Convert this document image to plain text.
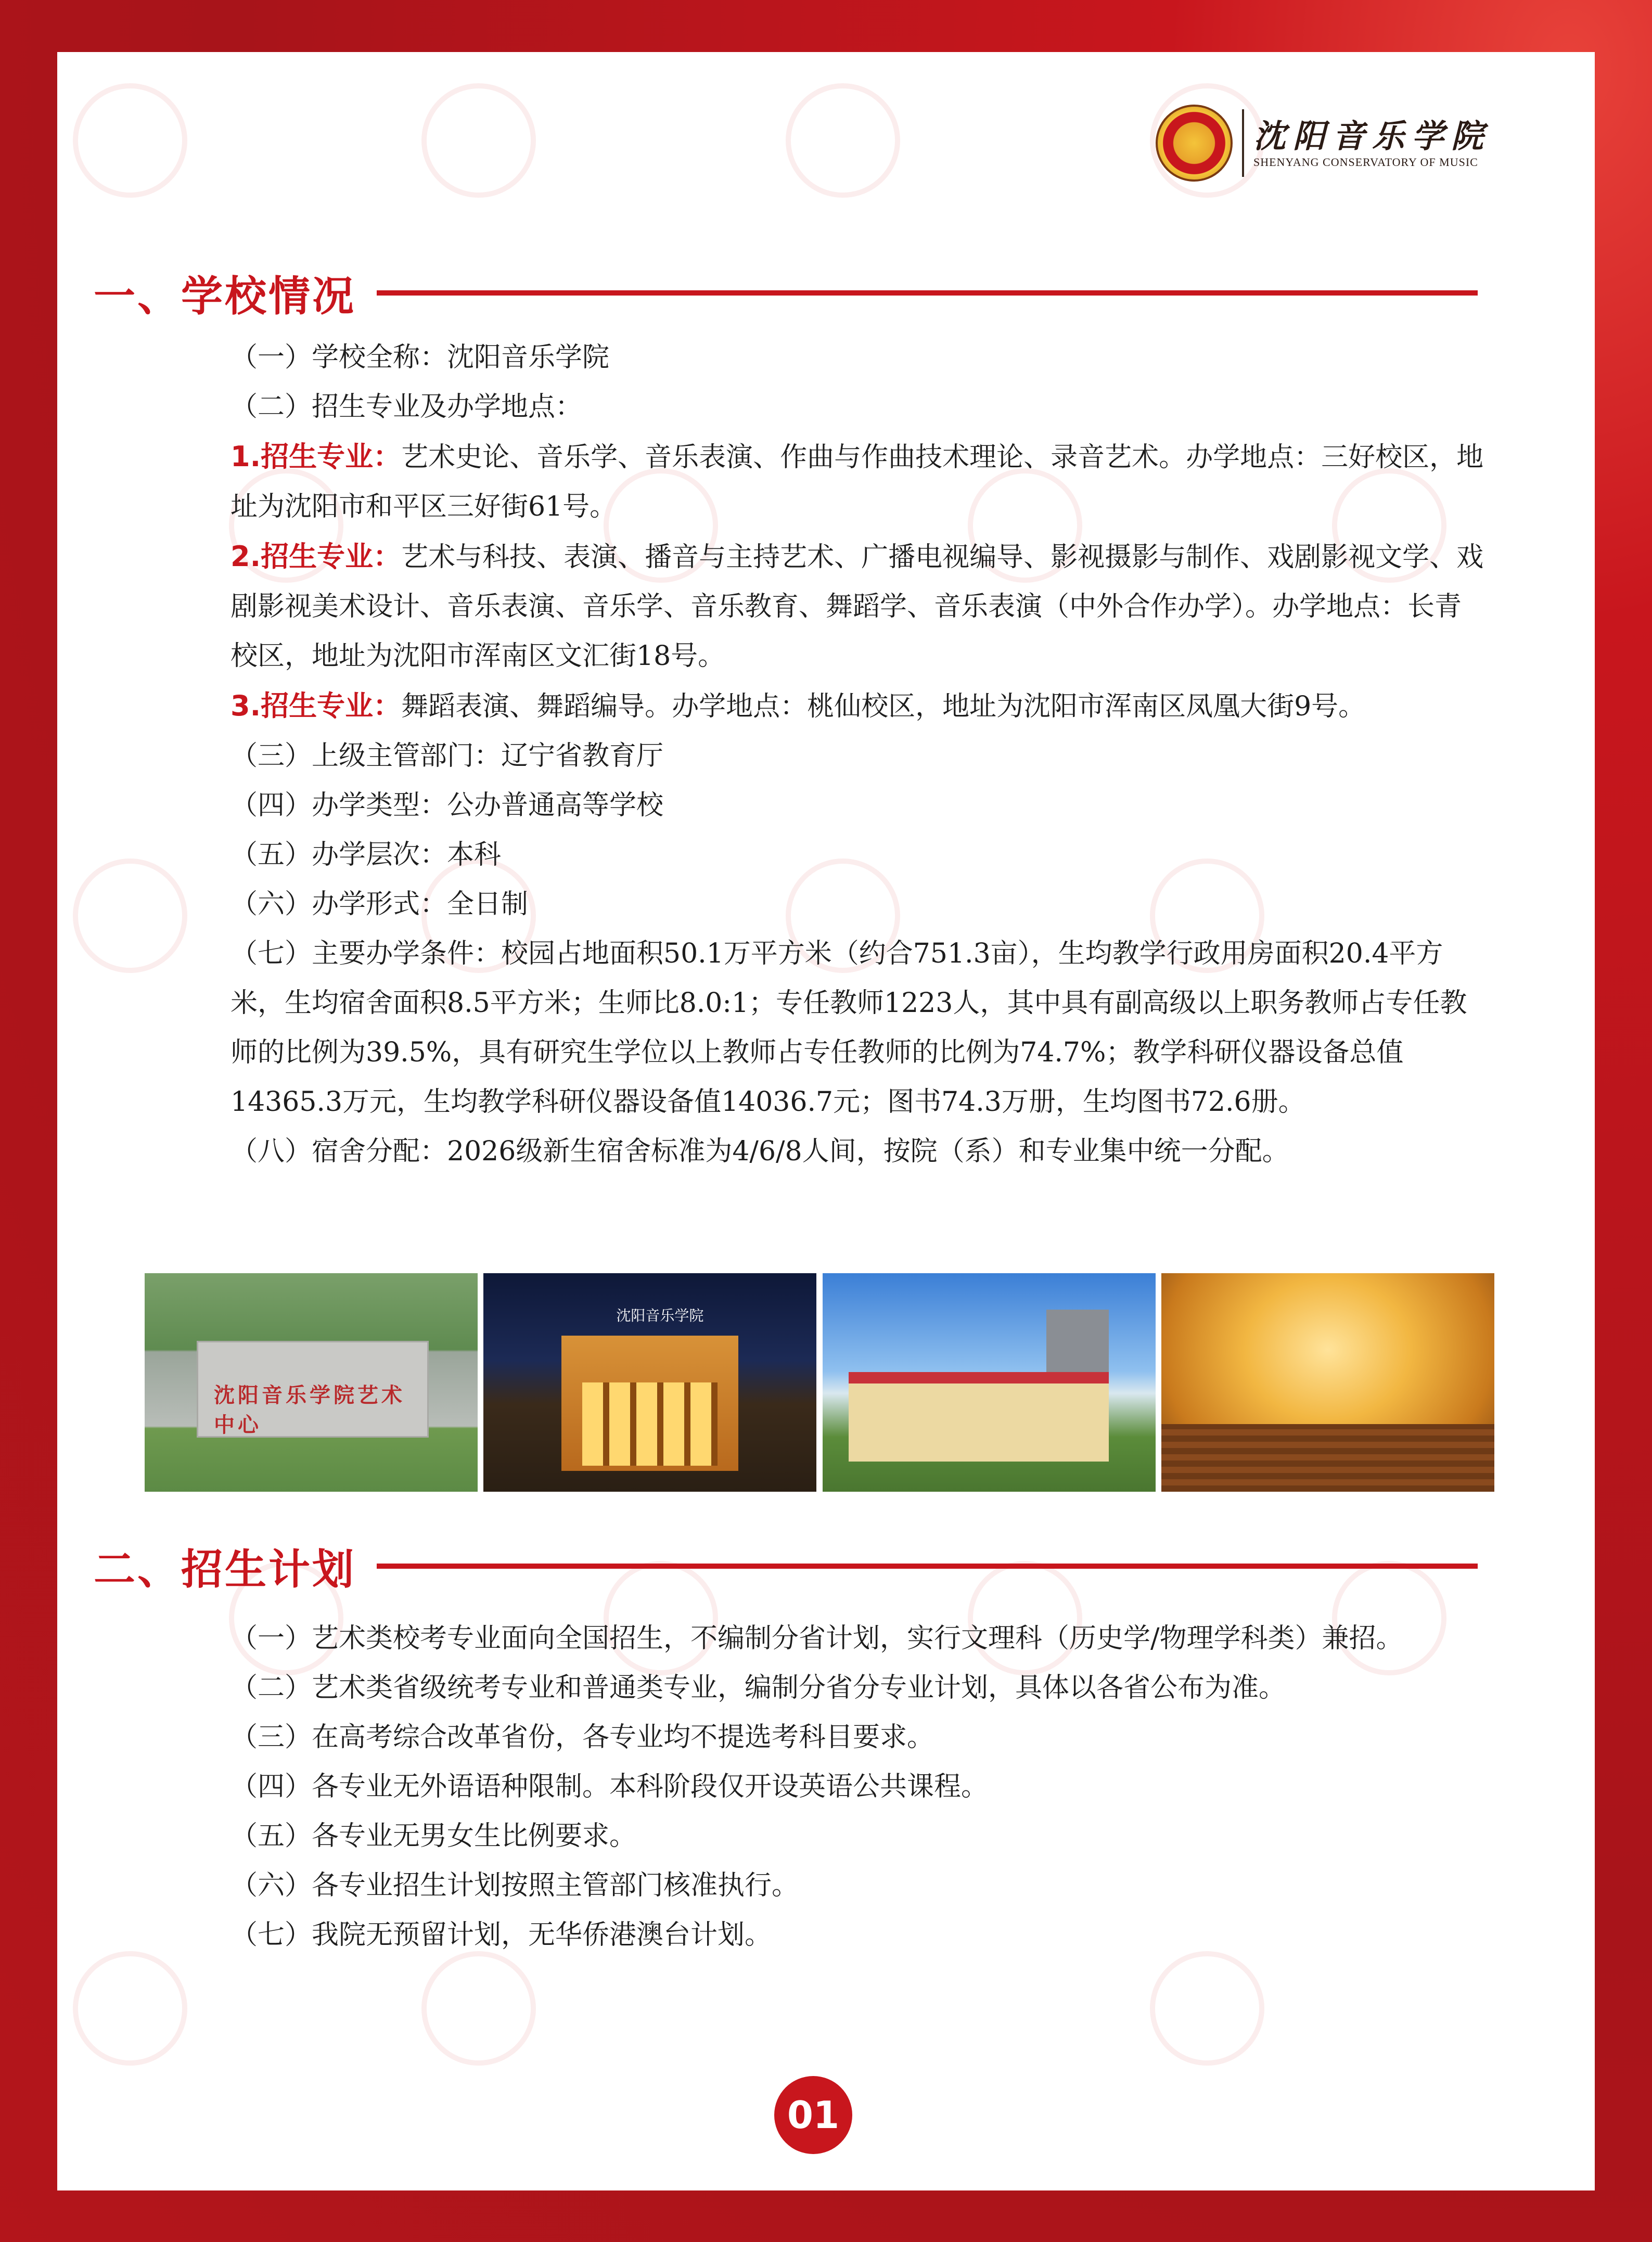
沈阳音乐学院
SHENYANG CONSERVATORY OF MUSIC
一、学校情况

（一）学校全称：沈阳音乐学院

（二）招生专业及办学地点：

1.招生专业：艺术史论、音乐学、音乐表演、作曲与作曲技术理论、录音艺术。办学地点：三好校区，地址为沈阳市和平区三好街61号。

2.招生专业：艺术与科技、表演、播音与主持艺术、广播电视编导、影视摄影与制作、戏剧影视文学、戏剧影视美术设计、音乐表演、音乐学、音乐教育、舞蹈学、音乐表演（中外合作办学）。办学地点：长青校区，地址为沈阳市浑南区文汇街18号。

3.招生专业：舞蹈表演、舞蹈编导。办学地点：桃仙校区，地址为沈阳市浑南区凤凰大街9号。

（三）上级主管部门：辽宁省教育厅

（四）办学类型：公办普通高等学校

（五）办学层次：本科

（六）办学形式：全日制

（七）主要办学条件：校园占地面积50.1万平方米（约合751.3亩），生均教学行政用房面积20.4平方米，生均宿舍面积8.5平方米；生师比8.0:1；专任教师1223人，其中具有副高级以上职务教师占专任教师的比例为39.5%，具有研究生学位以上教师占专任教师的比例为74.7%；教学科研仪器设备总值14365.3万元，生均教学科研仪器设备值14036.7元；图书74.3万册，生均图书72.6册。

（八）宿舍分配：2026级新生宿舍标准为4/6/8人间，按院（系）和专业集中统一分配。

沈阳音乐学院艺术中心
沈阳音乐学院
二、招生计划

（一）艺术类校考专业面向全国招生，不编制分省计划，实行文理科（历史学/物理学科类）兼招。

（二）艺术类省级统考专业和普通类专业，编制分省分专业计划，具体以各省公布为准。

（三）在高考综合改革省份，各专业均不提选考科目要求。

（四）各专业无外语语种限制。本科阶段仅开设英语公共课程。

（五）各专业无男女生比例要求。

（六）各专业招生计划按照主管部门核准执行。

（七）我院无预留计划，无华侨港澳台计划。

01
